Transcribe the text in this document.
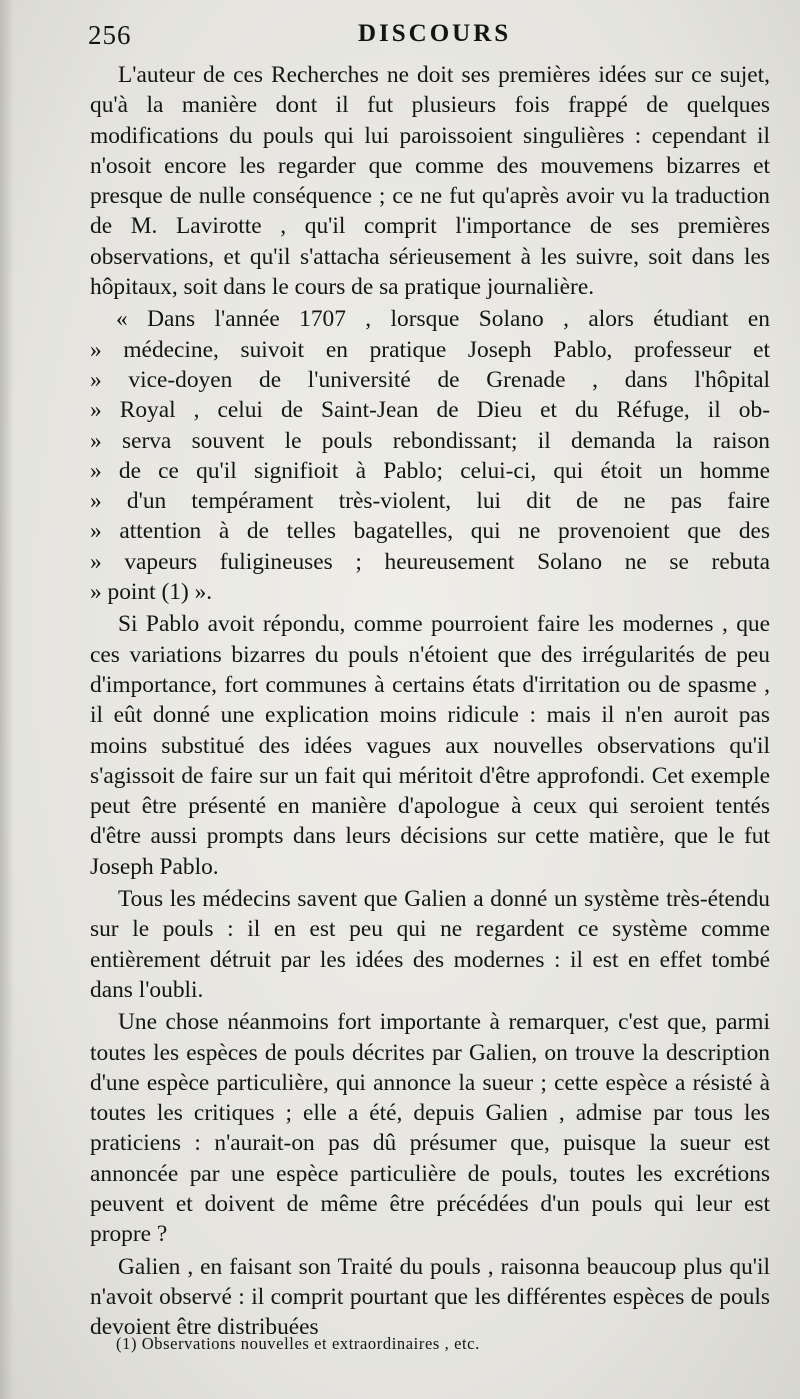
256	DISCOURS

L'auteur de ces Recherches ne doit ses premières idées sur ce sujet, qu'à la manière dont il fut plusieurs fois frappé de quelques modifications du pouls qui lui paroissoient singulières : cependant il n'osoit encore les regarder que comme des mouvemens bizarres et presque de nulle conséquence ; ce ne fut qu'après avoir vu la traduction de M. Lavirotte , qu'il comprit l'importance de ses premières observations, et qu'il s'attacha sérieusement à les suivre, soit dans les hôpitaux, soit dans le cours de sa pratique journalière.

« Dans l'année 1707 , lorsque Solano , alors étudiant en
» médecine, suivoit en pratique Joseph Pablo, professeur et
» vice-doyen de l'université de Grenade , dans l'hôpital
» Royal , celui de Saint-Jean de Dieu et du Réfuge, il ob-
» serva souvent le pouls rebondissant; il demanda la raison
» de ce qu'il signifioit à Pablo; celui-ci, qui étoit un homme
» d'un tempérament très-violent, lui dit de ne pas faire
» attention à de telles bagatelles, qui ne provenoient que des
» vapeurs fuligineuses ; heureusement Solano ne se rebuta
» point (1) ».

Si Pablo avoit répondu, comme pourroient faire les modernes , que ces variations bizarres du pouls n'étoient que des irrégularités de peu d'importance, fort communes à certains états d'irritation ou de spasme , il eût donné une explication moins ridicule : mais il n'en auroit pas moins substitué des idées vagues aux nouvelles observations qu'il s'agissoit de faire sur un fait qui méritoit d'être approfondi. Cet exemple peut être présenté en manière d'apologue à ceux qui seroient tentés d'être aussi prompts dans leurs décisions sur cette matière, que le fut Joseph Pablo.

Tous les médecins savent que Galien a donné un système très-étendu sur le pouls : il en est peu qui ne regardent ce système comme entièrement détruit par les idées des modernes : il est en effet tombé dans l'oubli.

Une chose néanmoins fort importante à remarquer, c'est que, parmi toutes les espèces de pouls décrites par Galien, on trouve la description d'une espèce particulière, qui annonce la sueur ; cette espèce a résisté à toutes les critiques ; elle a été, depuis Galien , admise par tous les praticiens : n'aurait-on pas dû présumer que, puisque la sueur est annoncée par une espèce particulière de pouls, toutes les excrétions peuvent et doivent de même être précédées d'un pouls qui leur est propre ?

Galien , en faisant son Traité du pouls , raisonna beaucoup plus qu'il n'avoit observé : il comprit pourtant que les différentes espèces de pouls devoient être distribuées

(1) Observations nouvelles et extraordinaires , etc.
